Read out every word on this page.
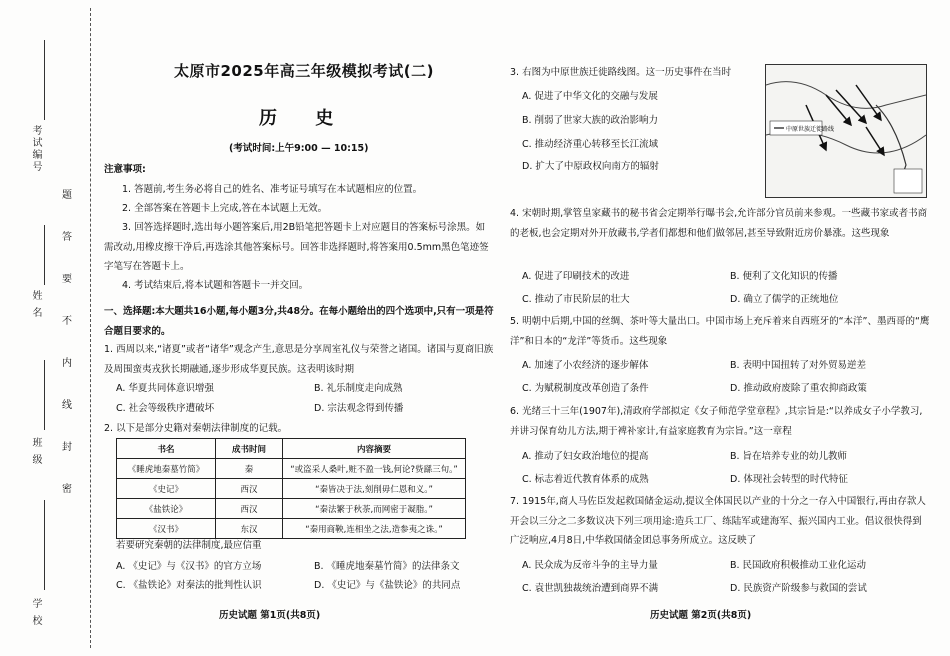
考试编号
姓 名
班 级
学 校
题
答
要
不
内
线
封
密
太原市2025年高三年级模拟考试(二)
历 史
(考试时间:上午9:00 — 10:15)
注意事项:
1. 答题前,考生务必将自己的姓名、准考证号填写在本试题相应的位置。
2. 全部答案在答题卡上完成,答在本试题上无效。
3. 回答选择题时,选出每小题答案后,用2B铅笔把答题卡上对应题目的答案标号涂黑。如需改动,用橡皮擦干净后,再选涂其他答案标号。回答非选择题时,将答案用0.5mm黑色笔迹签字笔写在答题卡上。
4. 考试结束后,将本试题和答题卡一并交回。
一、选择题:本大题共16小题,每小题3分,共48分。在每小题给出的四个选项中,只有一项是符合题目要求的。
1. 西周以来,“诸夏”或者“诸华”观念产生,意思是分享周室礼仪与荣誉之诸国。诸国与夏商旧族及周围蛮夷戎狄长期融通,逐步形成华夏民族。这表明该时期
A. 华夏共同体意识增强	B. 礼乐制度走向成熟
C. 社会等级秩序遭破坏	D. 宗法观念得到传播
2. 以下是部分史籍对秦朝法律制度的记载。
书名	成书时间	内容摘要
《睡虎地秦墓竹简》	秦	“或盗采人桑叶,赃不盈一钱,何论?赀繇三旬。”
《史记》	西汉	“秦皆决于法,刻削毋仁恩和义。”
《盐铁论》	西汉	“秦法繁于秋荼,而网密于凝脂。”
《汉书》	东汉	“秦用商鞅,连相坐之法,造参夷之诛。”
若要研究秦朝的法律制度,最应信重
A. 《史记》与《汉书》的官方立场	B. 《睡虎地秦墓竹简》的法律条文
C. 《盐铁论》对秦法的批判性认识	D. 《史记》与《盐铁论》的共同点
历史试题 第1页(共8页)
3. 右图为中原世族迁徙路线图。这一历史事件在当时
A. 促进了中华文化的交融与发展
B. 削弱了世家大族的政治影响力
C. 推动经济重心转移至长江流域
D. 扩大了中原政权向南方的辐射
中原世族迁徙路线
4. 宋朝时期,掌管皇家藏书的秘书省会定期举行曝书会,允许部分官员前来参观。一些藏书家或者书商的老板,也会定期对外开放藏书,学者们都想和他们做邻居,甚至导致附近房价暴涨。这些现象
A. 促进了印刷技术的改进	B. 便利了文化知识的传播
C. 推动了市民阶层的壮大	D. 确立了儒学的正统地位
5. 明朝中后期,中国的丝绸、茶叶等大量出口。中国市场上充斥着来自西班牙的“本洋”、墨西哥的“鹰洋”和日本的“龙洋”等货币。这些现象
A. 加速了小农经济的逐步解体	B. 表明中国扭转了对外贸易逆差
C. 为赋税制度改革创造了条件	D. 推动政府废除了重农抑商政策
6. 光绪三十三年(1907年),清政府学部拟定《女子师范学堂章程》,其宗旨是:“以养成女子小学教习,并讲习保育幼儿方法,期于裨补家计,有益家庭教育为宗旨。”这一章程
A. 推动了妇女政治地位的提高	B. 旨在培养专业的幼儿教师
C. 标志着近代教育体系的成熟	D. 体现社会转型的时代特征
7. 1915年,商人马佐臣发起救国储金运动,提议全体国民以产业的十分之一存入中国银行,再由存款人开会以三分之二多数议决下列三项用途:造兵工厂、练陆军或建海军、振兴国内工业。倡议很快得到广泛响应,4月8日,中华救国储金团总事务所成立。这反映了
A. 民众成为反帝斗争的主导力量	B. 民国政府积极推动工业化运动
C. 袁世凯独裁统治遭到商界不满	D. 民族资产阶级参与救国的尝试
历史试题 第2页(共8页)
